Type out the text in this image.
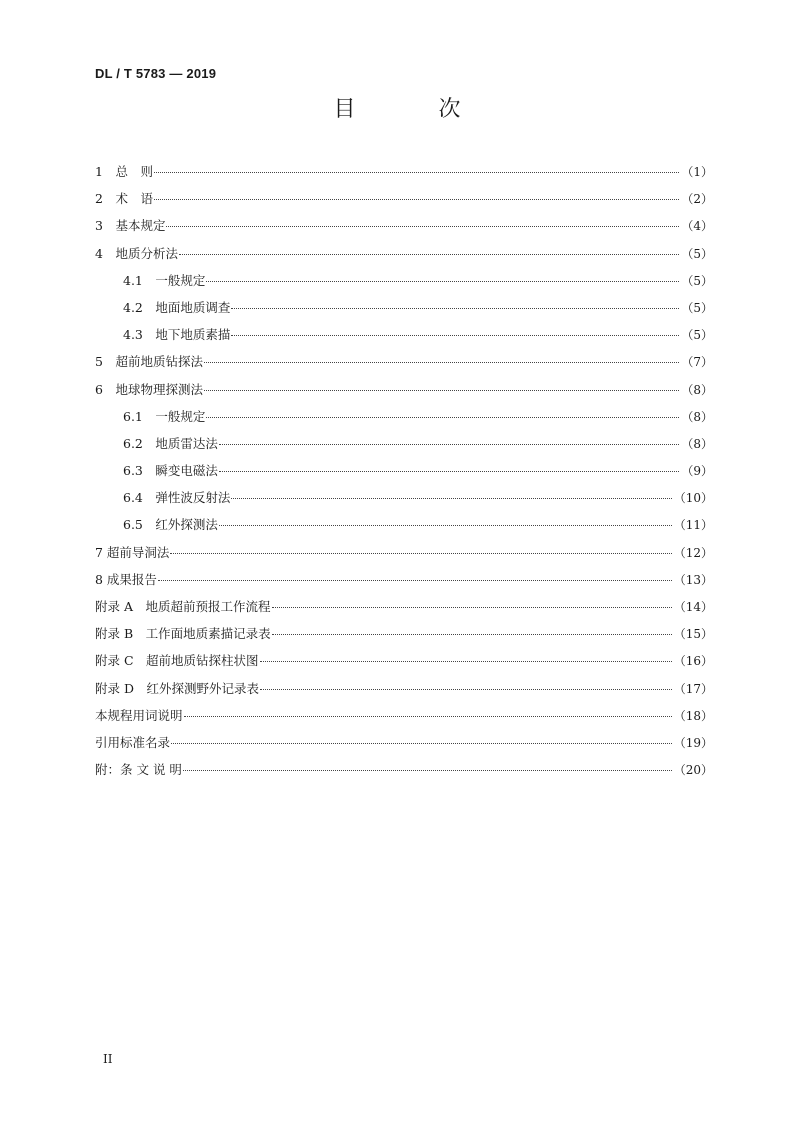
DL / T 5783 — 2019
目 次
1　总　则	（1）
2　术　语	（2）
3　基本规定	（4）
4　地质分析法	（5）
4.1　一般规定	（5）
4.2　地面地质调查	（5）
4.3　地下地质素描	（5）
5　超前地质钻探法	（7）
6　地球物理探测法	（8）
6.1　一般规定	（8）
6.2　地质雷达法	（8）
6.3　瞬变电磁法	（9）
6.4　弹性波反射法	（10）
6.5　红外探测法	（11）
7 超前导洞法	（12）
8 成果报告	（13）
附录 A　地质超前预报工作流程	（14）
附录 B　工作面地质素描记录表	（15）
附录 C　超前地质钻探柱状图	（16）
附录 D　红外探测野外记录表	（17）
本规程用词说明	（18）
引用标准名录	（19）
附：条 文 说 明	（20）
II
